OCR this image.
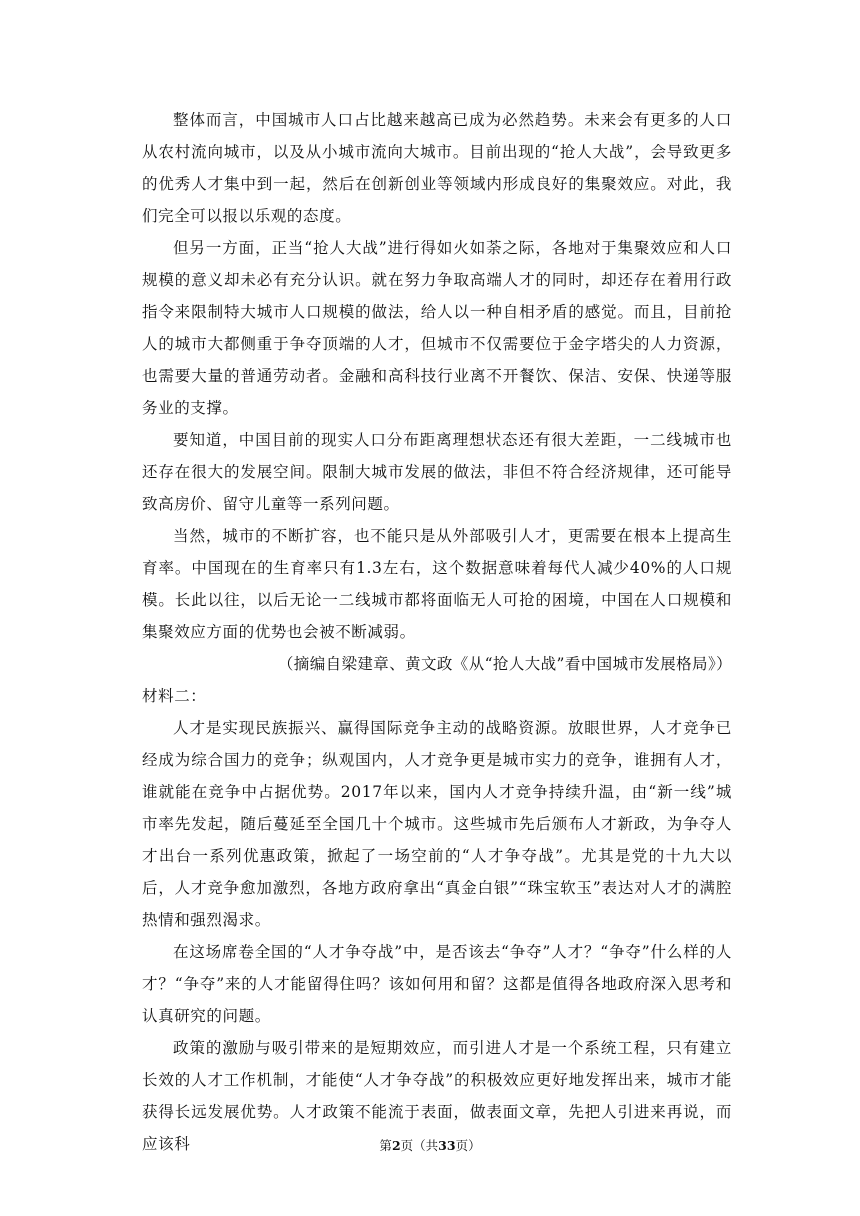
整体而言，中国城市人口占比越来越高已成为必然趋势。未来会有更多的人口从农村流向城市，以及从小城市流向大城市。目前出现的“抢人大战”，会导致更多的优秀人才集中到一起，然后在创新创业等领域内形成良好的集聚效应。对此，我们完全可以报以乐观的态度。

但另一方面，正当“抢人大战”进行得如火如荼之际，各地对于集聚效应和人口规模的意义却未必有充分认识。就在努力争取高端人才的同时，却还存在着用行政指令来限制特大城市人口规模的做法，给人以一种自相矛盾的感觉。而且，目前抢人的城市大都侧重于争夺顶端的人才，但城市不仅需要位于金字塔尖的人力资源，也需要大量的普通劳动者。金融和高科技行业离不开餐饮、保洁、安保、快递等服务业的支撑。

要知道，中国目前的现实人口分布距离理想状态还有很大差距，一二线城市也还存在很大的发展空间。限制大城市发展的做法，非但不符合经济规律，还可能导致高房价、留守儿童等一系列问题。

当然，城市的不断扩容，也不能只是从外部吸引人才，更需要在根本上提高生育率。中国现在的生育率只有1.3左右，这个数据意味着每代人减少40%的人口规模。长此以往，以后无论一二线城市都将面临无人可抢的困境，中国在人口规模和集聚效应方面的优势也会被不断减弱。

（摘编自梁建章、黄文政《从“抢人大战”看中国城市发展格局》）

材料二：

人才是实现民族振兴、赢得国际竞争主动的战略资源。放眼世界，人才竞争已经成为综合国力的竞争；纵观国内，人才竞争更是城市实力的竞争，谁拥有人才，谁就能在竞争中占据优势。2017年以来，国内人才竞争持续升温，由“新一线”城市率先发起，随后蔓延至全国几十个城市。这些城市先后颁布人才新政，为争夺人才出台一系列优惠政策，掀起了一场空前的“人才争夺战”。尤其是党的十九大以后，人才竞争愈加激烈，各地方政府拿出“真金白银”“珠宝软玉”表达对人才的满腔热情和强烈渴求。

在这场席卷全国的“人才争夺战”中，是否该去“争夺”人才？“争夺”什么样的人才？“争夺”来的人才能留得住吗？该如何用和留？这都是值得各地政府深入思考和认真研究的问题。

政策的激励与吸引带来的是短期效应，而引进人才是一个系统工程，只有建立长效的人才工作机制，才能使“人才争夺战”的积极效应更好地发挥出来，城市才能获得长远发展优势。人才政策不能流于表面，做表面文章，先把人引进来再说，而应该科	第2页（共33页）
